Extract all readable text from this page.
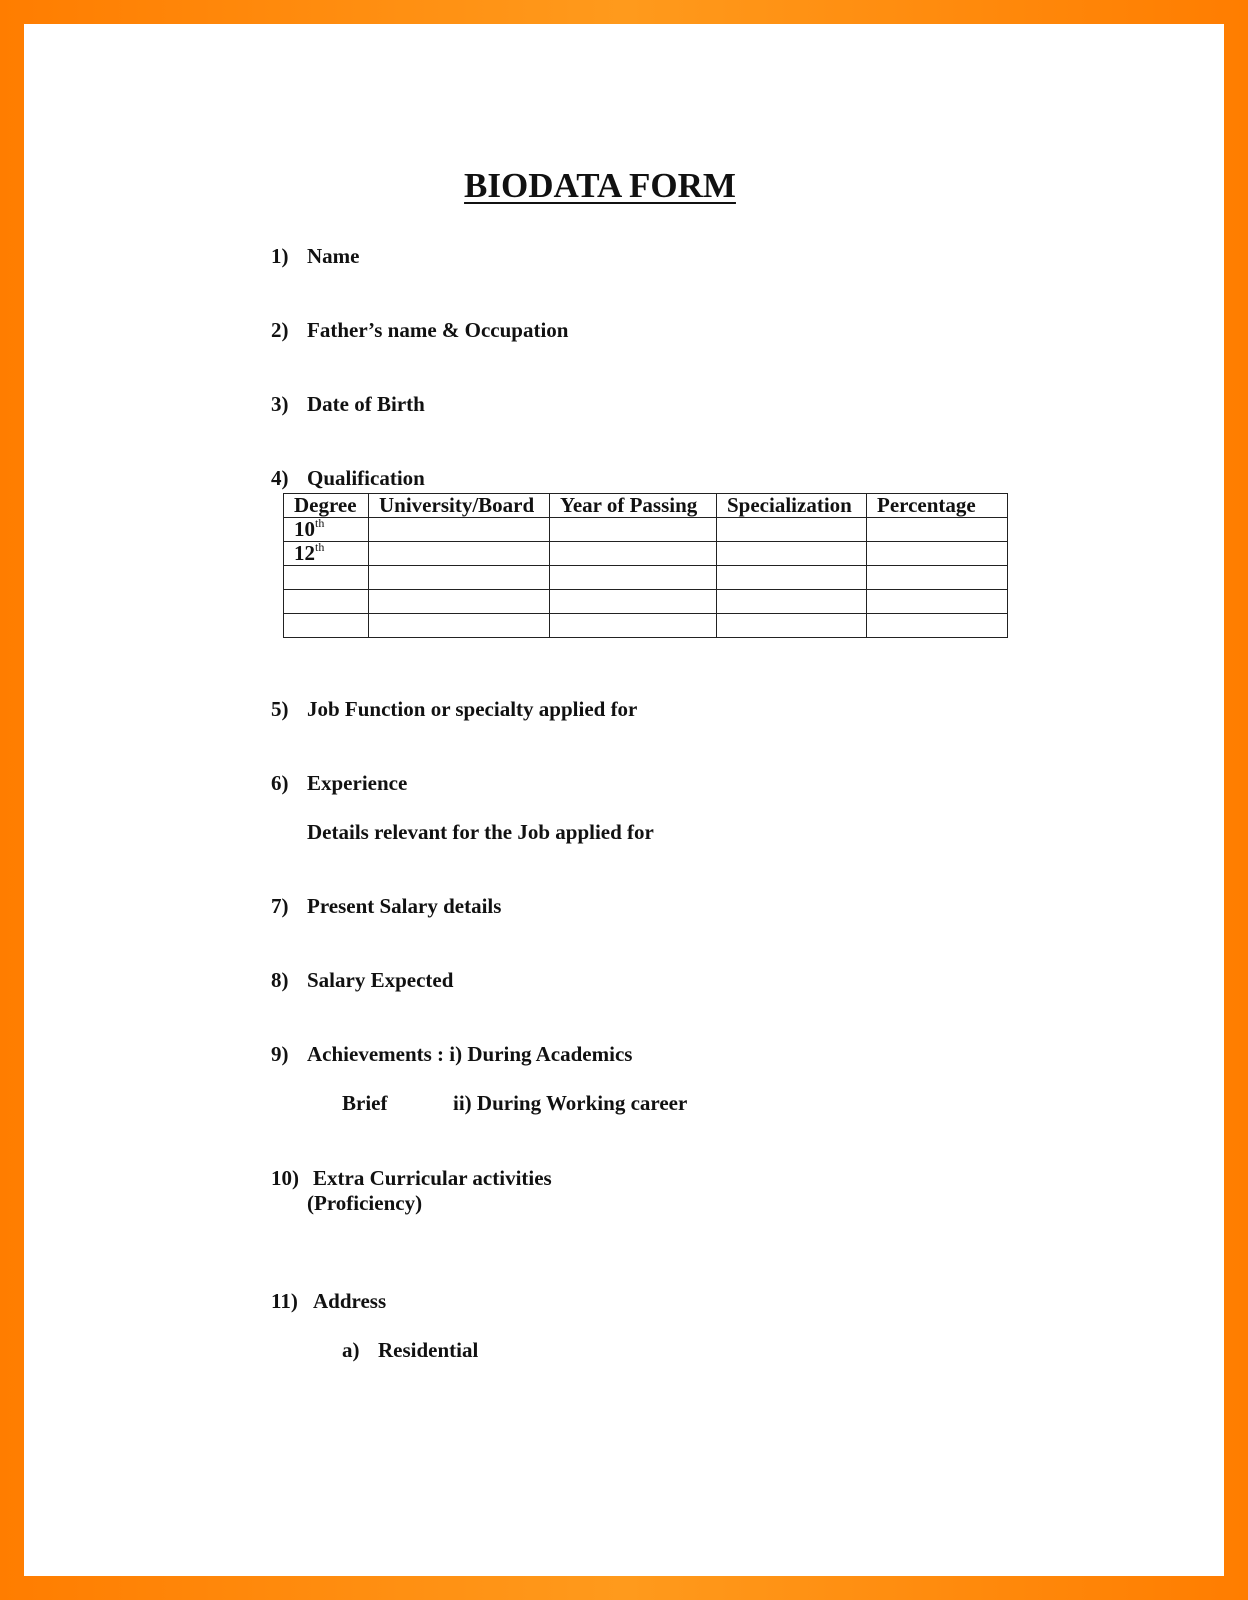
BIODATA FORM
1) Name
2) Father’s name & Occupation
3) Date of Birth
4) Qualification
Degree	University/Board	Year of Passing	Specialization	Percentage
10th				
12th				

5) Job Function or specialty applied for
6) Experience
Details relevant for the Job applied for
7) Present Salary details
8) Salary Expected
9) Achievements : i) During Academics
Brief	ii) During Working career
10) Extra Curricular activities
(Proficiency)
11) Address
a) Residential
